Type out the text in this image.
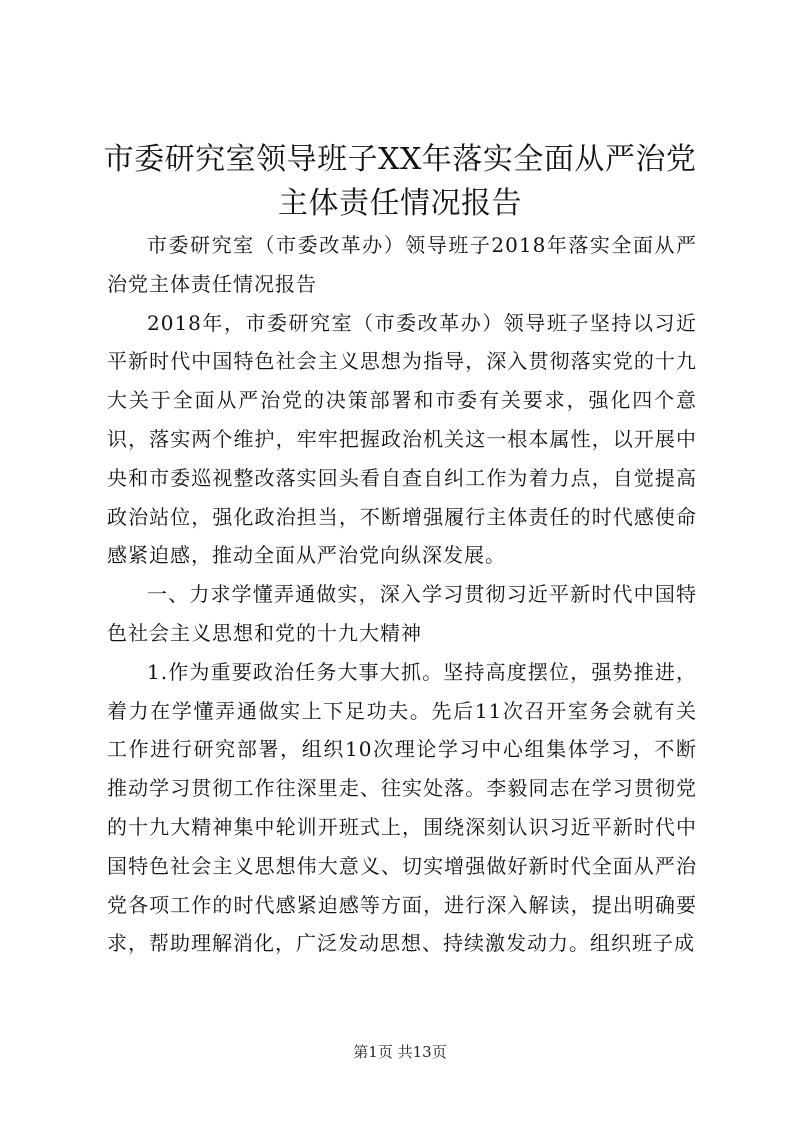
市委研究室领导班子XX年落实全面从严治党
主体责任情况报告

市委研究室（市委改革办）领导班子2018年落实全面从严治党主体责任情况报告

2018年，市委研究室（市委改革办）领导班子坚持以习近平新时代中国特色社会主义思想为指导，深入贯彻落实党的十九大关于全面从严治党的决策部署和市委有关要求，强化四个意识，落实两个维护，牢牢把握政治机关这一根本属性，以开展中央和市委巡视整改落实回头看自查自纠工作为着力点，自觉提高政治站位，强化政治担当，不断增强履行主体责任的时代感使命感紧迫感，推动全面从严治党向纵深发展。

一、力求学懂弄通做实，深入学习贯彻习近平新时代中国特色社会主义思想和党的十九大精神

1.作为重要政治任务大事大抓。坚持高度摆位，强势推进，着力在学懂弄通做实上下足功夫。先后11次召开室务会就有关工作进行研究部署，组织10次理论学习中心组集体学习，不断推动学习贯彻工作往深里走、往实处落。李毅同志在学习贯彻党的十九大精神集中轮训开班式上，围绕深刻认识习近平新时代中国特色社会主义思想伟大意义、切实增强做好新时代全面从严治党各项工作的时代感紧迫感等方面，进行深入解读，提出明确要求，帮助理解消化，广泛发动思想、持续激发动力。组织班子成

第1页 共13页
